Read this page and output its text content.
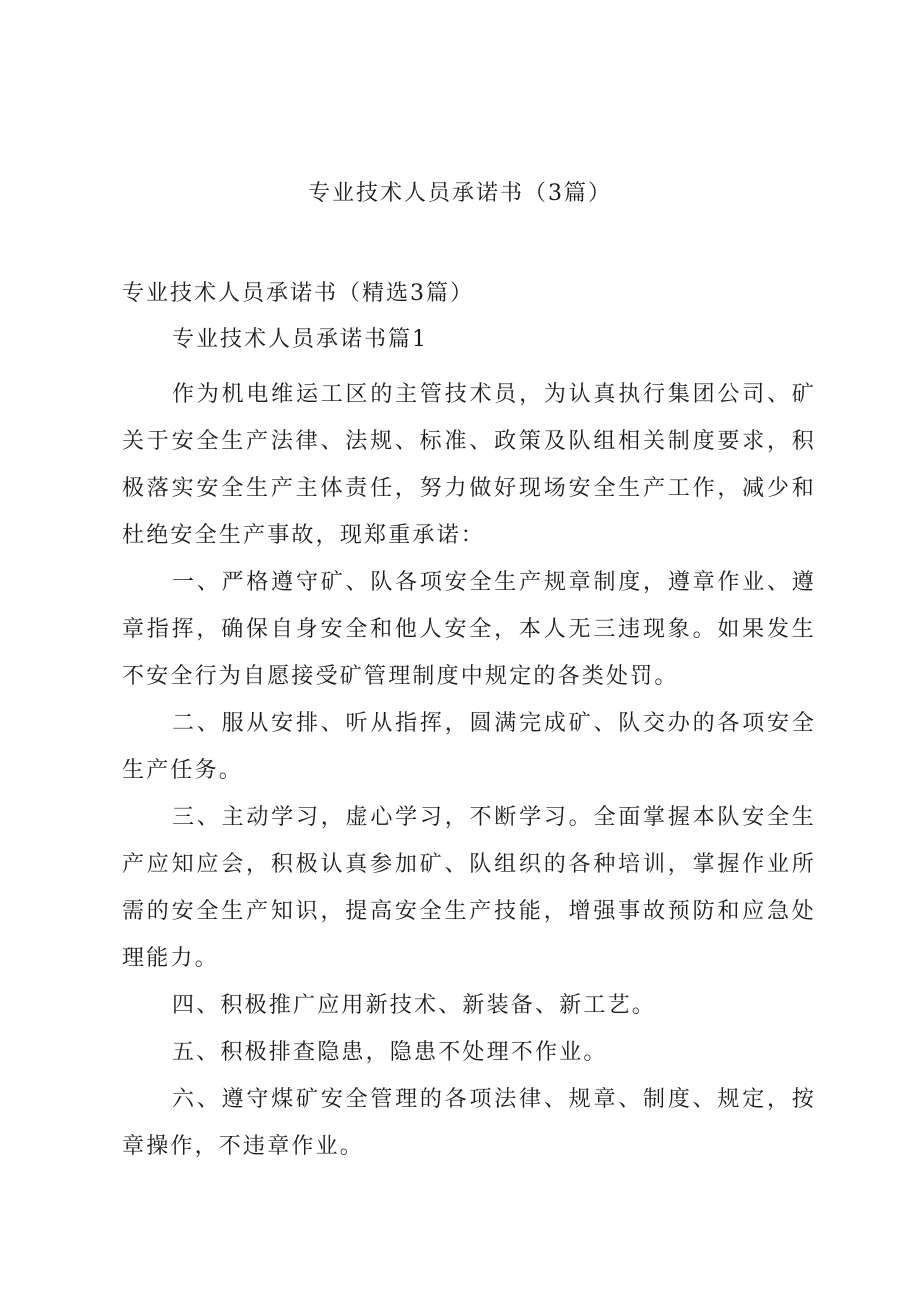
专业技术人员承诺书（3篇）
专业技术人员承诺书（精选3篇）
专业技术人员承诺书篇1

作为机电维运工区的主管技术员，为认真执行集团公司、矿关于安全生产法律、法规、标准、政策及队组相关制度要求，积极落实安全生产主体责任，努力做好现场安全生产工作，减少和杜绝安全生产事故，现郑重承诺：

一、严格遵守矿、队各项安全生产规章制度，遵章作业、遵章指挥，确保自身安全和他人安全，本人无三违现象。如果发生不安全行为自愿接受矿管理制度中规定的各类处罚。

二、服从安排、听从指挥，圆满完成矿、队交办的各项安全生产任务。

三、主动学习，虚心学习，不断学习。全面掌握本队安全生产应知应会，积极认真参加矿、队组织的各种培训，掌握作业所需的安全生产知识，提高安全生产技能，增强事故预防和应急处理能力。

四、积极推广应用新技术、新装备、新工艺。

五、积极排查隐患，隐患不处理不作业。

六、遵守煤矿安全管理的各项法律、规章、制度、规定，按章操作，不违章作业。
